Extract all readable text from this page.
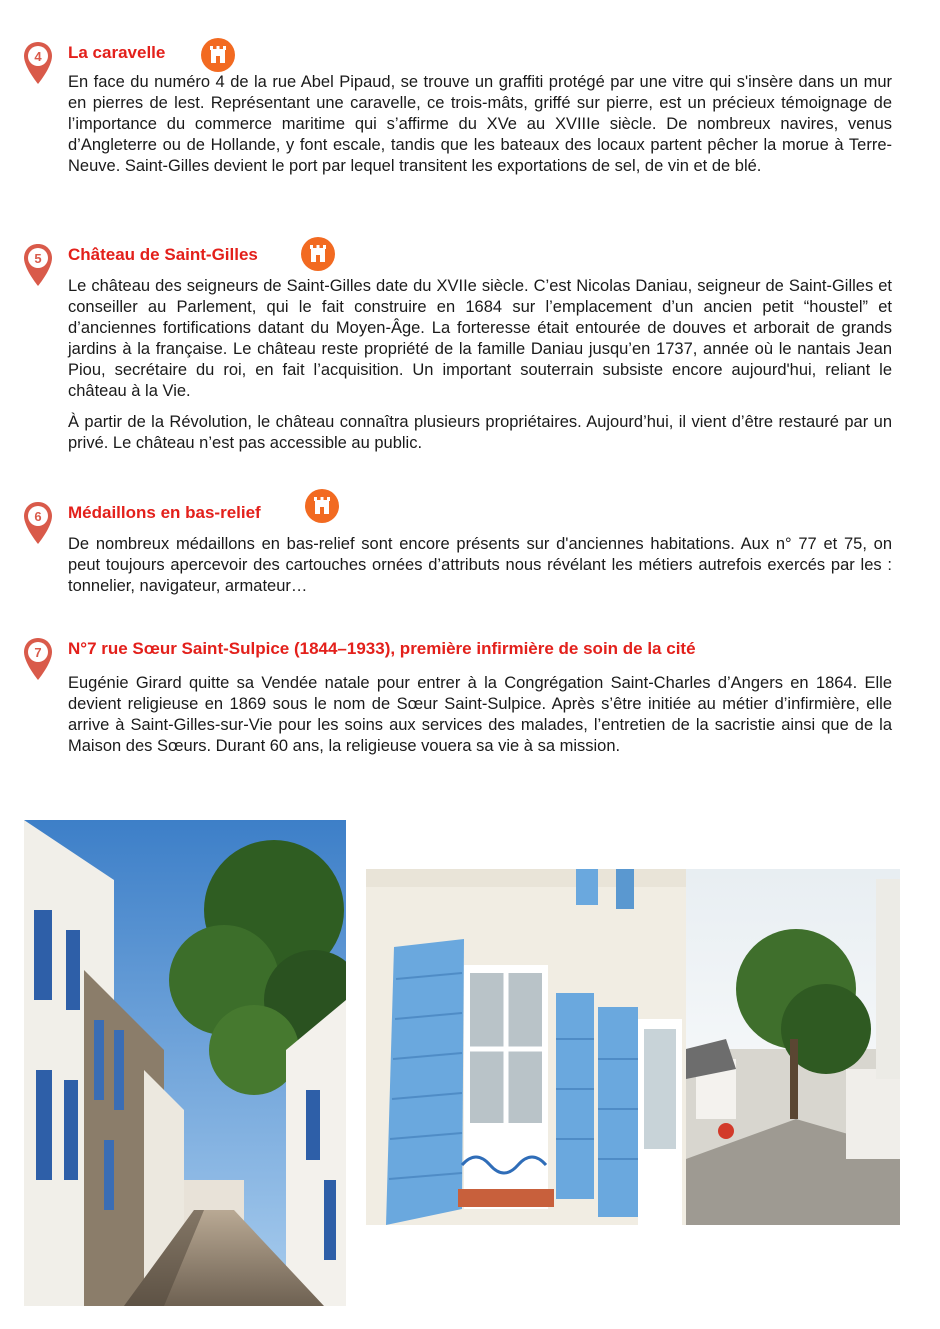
4 La caravelle

En face du numéro 4 de la rue Abel Pipaud, se trouve un graffiti protégé par une vitre qui s'insère dans un mur en pierres de lest. Représentant une caravelle, ce trois-mâts, griffé sur pierre, est un précieux témoignage de l’importance du commerce maritime qui s’affirme du XVe au XVIIIe siècle. De nombreux navires, venus d’Angleterre ou de Hollande, y font escale, tandis que les bateaux des locaux partent pêcher la morue à Terre-Neuve. Saint-Gilles devient le port par lequel transitent les exportations de sel, de vin et de blé.

5 Château de Saint-Gilles

Le château des seigneurs de Saint-Gilles date du XVIIe siècle. C’est Nicolas Daniau, seigneur de Saint-Gilles et conseiller au Parlement, qui le fait construire en 1684 sur l’emplacement d’un ancien petit “houstel” et d’anciennes fortifications datant du Moyen-Âge. La forteresse était entourée de douves et arborait de grands jardins à la française. Le château reste propriété de la famille Daniau jusqu’en 1737, année où le nantais Jean Piou, secrétaire du roi, en fait l’acquisition. Un important souterrain subsiste encore aujourd'hui, reliant le château à la Vie.

À partir de la Révolution, le château connaîtra plusieurs propriétaires. Aujourd’hui, il vient d’être restauré par un privé. Le château n’est pas accessible au public.

6 Médaillons en bas-relief

De nombreux médaillons en bas-relief sont encore présents sur d'anciennes habitations. Aux n° 77 et 75, on peut toujours apercevoir des cartouches ornées d’attributs nous révélant les métiers autrefois exercés par les : tonnelier, navigateur, armateur…

7 N°7 rue Sœur Saint-Sulpice (1844–1933), première infirmière de soin de la cité

Eugénie Girard quitte sa Vendée natale pour entrer à la Congrégation Saint-Charles d’Angers en 1864. Elle devient religieuse en 1869 sous le nom de Sœur Saint-Sulpice. Après s’être initiée au métier d’infirmière, elle arrive à Saint-Gilles-sur-Vie pour les soins aux services des malades, l’entretien de la sacristie ainsi que de la Maison des Sœurs. Durant 60 ans, la religieuse vouera sa vie à sa mission.
